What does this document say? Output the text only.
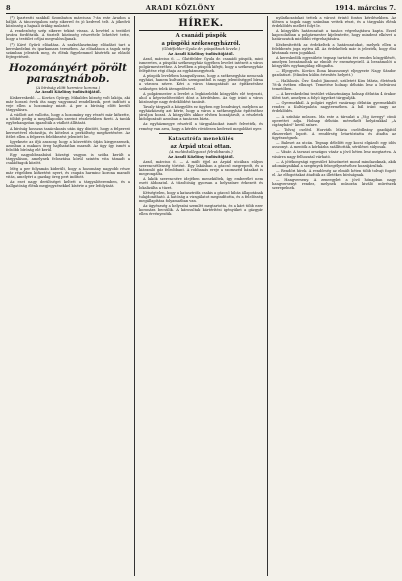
8	ARADI KÖZLÖNY	1914. március 7.

(*) Ipartestti szakbál Szombaton márciusa 7-án este Aradon a bálját. A tánczvigalom szép sikerrel és jó kedvvel telt. A jókedvű közönség a hajnali órákig mulatott.

A rendezőség szép sikerre tekint vissza. A bevétel a testület javára fordíttatik. A tisztelt közönség részvétele lehetővé tette, hogy a testület céljai megvalósuljanak.

(*) Kávé Gyűrű előadása. A szakválasztmány előadást tart a kereskedelmi és iparkamara termében. Az előadáson a tagok szép számban jelentek meg, és élénk figyelemmel kísérték az előadó fejtegetéseit.

Hozományért pörölt parasztnábob.
(A bíróság előtt harminc korona.)
Az Aradi Közlöny tudósítójától.

Kiskereskedő. — Kovács György, Mikaldes község volt lakója, aki már hosszú évek óta nagy vagyonnal rendelkezik, pert indított a veje ellen a hozomány miatt. A per a bíróság előtt került tárgyalásra.

A vádlott azt vallotta, hogy a hozomány egy részét már kifizette, a többit pedig a megállapodás szerint részletekben fizeti. A tanúk egybehangzóan igazolták a vádlott állítását.

A bíróság hosszas tanácskozás után úgy döntött, hogy a felperest keresetével elutasítja, és kötelezi a perköltség megfizetésére. Az ítélet ellen a felperes felebbezést jelentett be.

Igyekezte az ifjú asszony, hogy a közvetítés útján kiegyezzenek, azonban a makacs öreg hajthatatlan maradt. Az ügy így ismét a felsőbb bíróság elé kerül.

Egy nagyobbszabású községi vagyon is szóba került a tárgyaláson, amelynek felosztása körül szintén vita támadt a családtagok között.

Még a per folyamán kiderült, hogy a hozomány nagyobb része már régebben kifizetést nyert, és csupán harminc korona maradt vitás, amelyért a gazdag öreg pert indított.

Az eset nagy derültséget keltett a tárgyalóteremben, és a hallgatóság élénk megjegyzésekkel kísérte a per lefolyását.

HÍREK.
A csanádi püspök
a püspöki székesegyházról.
(Glattfelder Gyula dr. püspöknek levele.)
Az Aradi Közlöny tudósítójától.

Arad, március 6. — Glattfelder Gyula dr. csanádi püspök, mint ismeretes, a püspöki székesegyház ügyében levelet intézett a város polgármesteréhez. A levélben a püspök kifejti, hogy a székesegyház felépítése régi óhaja az egyházmegyének.

A püspök levelében hangsúlyozza, hogy a székesegyház nemcsak egyházi, hanem kulturális szempontból is nagy jelentőséggel bírna a városra nézve. Kéri a város támogatását az építkezéshez szükséges telek átengedésével.

A polgármester a levelet a legközelebbi közgyűlés elé terjeszti, ahol a képviselőtestület dönt a kérdésben. Az ügy iránt a város közönsége nagy érdeklődést tanúsít.

Tavaly tárgyalt a közgyűlés ez ügyben egy beadványt, melyben az egyházközség azt kérte, hogy a város a székesegyház építéséhez járuljon hozzá. A közgyűlés akkor elvben hozzájárult, a részletek kidolgozását azonban a tanácsra bízta.

Az egyházmegye részéről a tárgyalásokat ismét felvették, és remény van arra, hogy a kérdés rövidesen kedvező megoldást nyer.

Katasztrófa menekülés
az Árpád utcai ottan.
(A melánkollegoszt felrobbanás.)
Az Aradi Közlöny tudósítójától.

Arad, március 6. — A múlt éjjel az Árpád utcában súlyos szerencsétlenség történt. Egy lakásban a gázcső megrepedt, és a kiáramló gáz felrobbant. A robbanás ereje a szomszéd házakat is megrongálta.

A lakók szerencsére idejében menekültek, így emberélet nem esett áldozatul. A tűzoltóság gyorsan a helyszínre érkezett és lokalizálta a tüzet.

Kétségtelen, hogy a katasztrófa csakis a gázcső hibás állapotának tulajdonítható. A hatóság a vizsgálatot megindította, és a felelősség megállapítása folyamatban van.

Az ügyészség a helyszíni szemlét megtartotta, és a kárt több ezer koronára becsülik. A károsultak kártérítési igényüket a gázgyár ellen érvényesítik.

nyilatkozatokat tettek a várost érintő fontos kérdésekben. Az ülésen a tagok nagy számban vettek részt, és a tárgyalás élénk érdeklődés mellett folyt le.

A közgyűlés határozatait a tanács végrehajtásra kapta. Ezzel kapcsolatban a polgármester kijelentette, hogy mindent elkövet a határozatok mielőbbi végrehajtására.

Kézbesítették az érdekeltek a határozatokat, melyek ellen a felebbezés joga nyitva áll. Az érdekeltek már is jelezték, hogy élni kívánnak ezen jogukkal.

A kereskedők egyesülete tegnap tartotta évi rendes közgyűlését, amelyen beszámoltak az elmúlt év eseményeiről. A beszámolót a közgyűlés egyhangúlag elfogadta.

— Eljegyzés. Kovács Ilona kisasszonyt eljegyezte Nagy Sándor gazdatiszt. (Minden külön értesítés helyett.)

— Halálozás. Özv. Szabó Jánosné, született Kiss Mária, életének 78-ik évében elhunyt. Temetése holnap délután lesz a belvárosi temetőben.

— A kereskedelmi testület választmánya holnap délután 4 órakor ülést tart, amelyen a folyó ügyeket tárgyalják.

— Gyermekbál. A polgári egylet vasárnap délután gyermekbált rendez a Kultúrpalota nagytermében. A bál iránt nagy az érdeklődés.

— A színház műsora. Ma este a társulat a „Vig özvegy" című operettet adja. Holnap délután mérsékelt helyárakkal „A cigánybáró" kerül színre.

— Tolvaj cseléd. Horváth Mária cselédleány gazdájától ékszereket lopott. A rendőrség letartóztatta és átadta az ügyészségnek.

— Baleset az utcán. Tegnap délelőtt egy kocsi elgázolt egy idős asszonyt. A mentők a kórházba szállították, sérülései súlyosak.

— Vásár. A tavaszi országos vásár a jövő héten lesz megtartva. A vásárra nagy felhozatal várható.

— A jótékonysági egyesület köszönetet mond mindazoknak, akik adományaikkal a szegények felsegélyezéséhez hozzájárultak.

— Rendőri hírek. A rendőrség az elmúlt héten több tolvajt fogott el. Az elfogottakat átadták az illetékes bíróságnak.

— Hangverseny. A zeneegylet a jövő hónapban nagy hangversenyt rendez, melynek műsorán kiváló művészek szerepelnek.
